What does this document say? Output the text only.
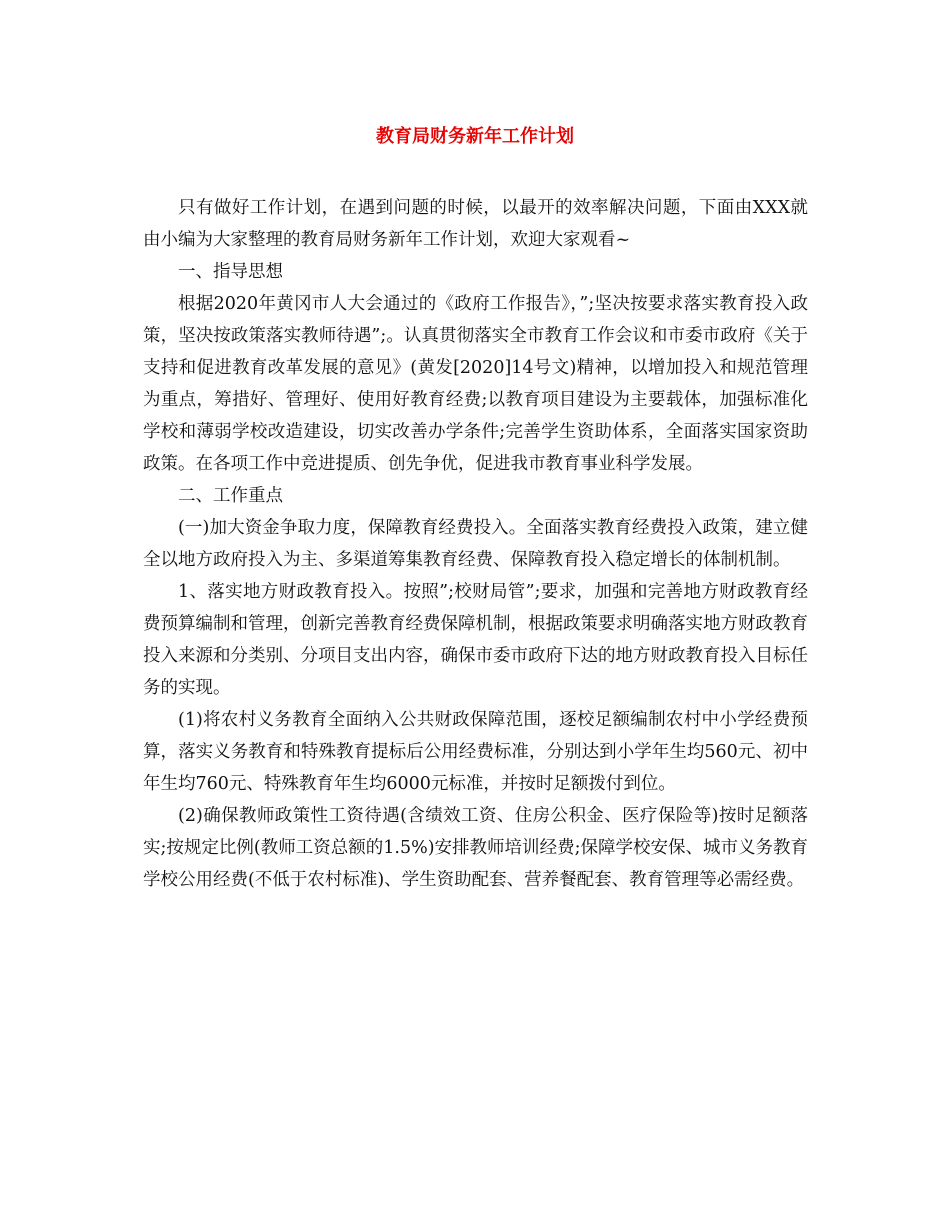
教育局财务新年工作计划

只有做好工作计划，在遇到问题的时候，以最开的效率解决问题，下面由XXX就由小编为大家整理的教育局财务新年工作计划，欢迎大家观看~

一、指导思想

根据2020年黄冈市人大会通过的《政府工作报告》，”;坚决按要求落实教育投入政策，坚决按政策落实教师待遇”;。认真贯彻落实全市教育工作会议和市委市政府《关于支持和促进教育改革发展的意见》(黄发[2020]14号文)精神，以增加投入和规范管理为重点，筹措好、管理好、使用好教育经费;以教育项目建设为主要载体，加强标准化学校和薄弱学校改造建设，切实改善办学条件;完善学生资助体系，全面落实国家资助政策。在各项工作中竞进提质、创先争优，促进我市教育事业科学发展。

二、工作重点

(一)加大资金争取力度，保障教育经费投入。全面落实教育经费投入政策，建立健全以地方政府投入为主、多渠道筹集教育经费、保障教育投入稳定增长的体制机制。

1、落实地方财政教育投入。按照”;校财局管”;要求，加强和完善地方财政教育经费预算编制和管理，创新完善教育经费保障机制，根据政策要求明确落实地方财政教育投入来源和分类别、分项目支出内容，确保市委市政府下达的地方财政教育投入目标任务的实现。

(1)将农村义务教育全面纳入公共财政保障范围，逐校足额编制农村中小学经费预算，落实义务教育和特殊教育提标后公用经费标准，分别达到小学年生均560元、初中年生均760元、特殊教育年生均6000元标准，并按时足额拨付到位。

(2)确保教师政策性工资待遇(含绩效工资、住房公积金、医疗保险等)按时足额落实;按规定比例(教师工资总额的1.5%)安排教师培训经费;保障学校安保、城市义务教育学校公用经费(不低于农村标准)、学生资助配套、营养餐配套、教育管理等必需经费。
